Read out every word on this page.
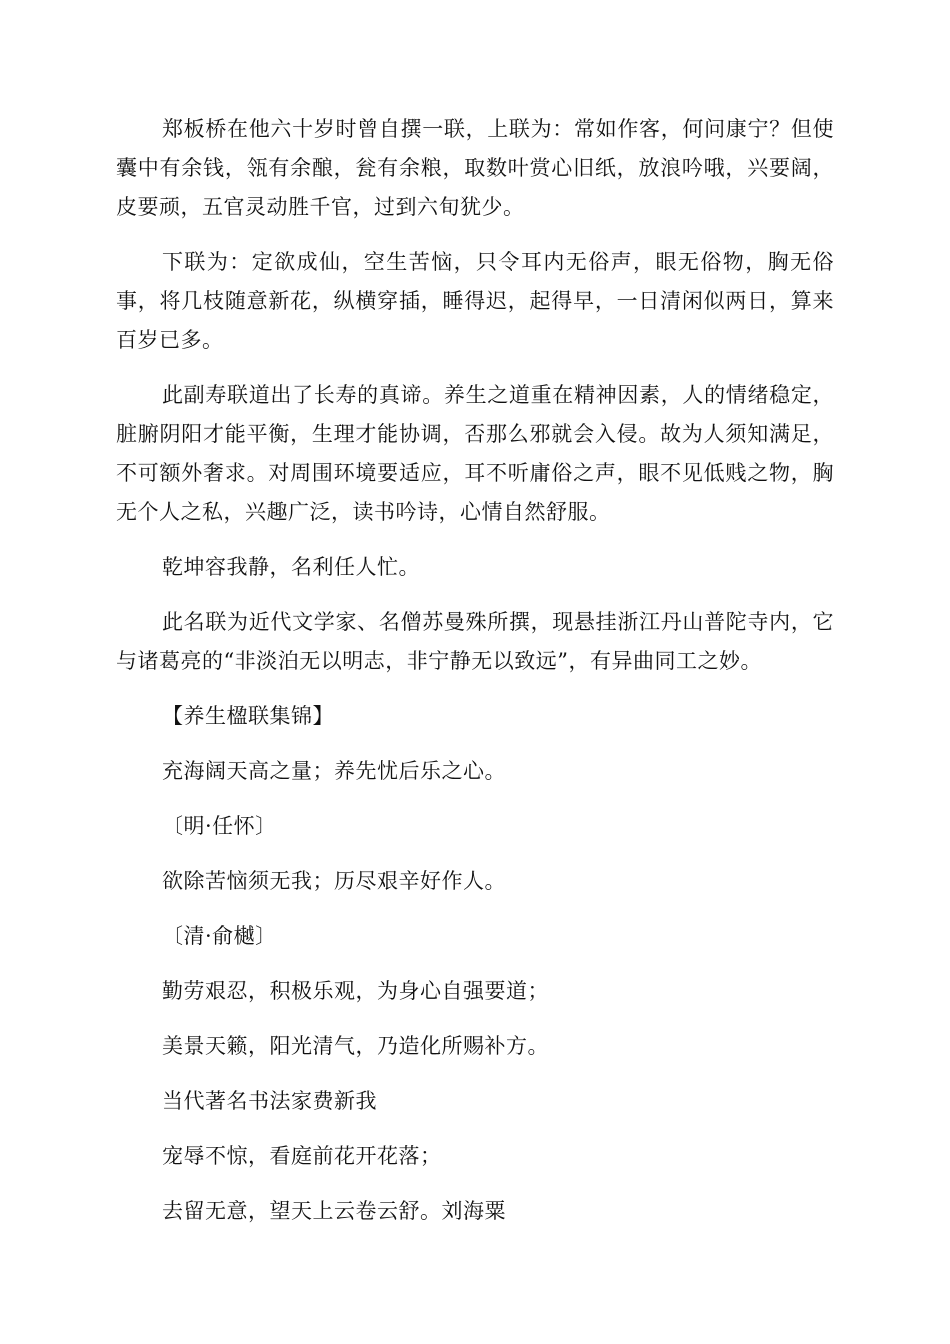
郑板桥在他六十岁时曾自撰一联，上联为：常如作客，何问康宁？但使囊中有余钱，瓴有余酿，瓮有余粮，取数叶赏心旧纸，放浪吟哦，兴要阔，皮要顽，五官灵动胜千官，过到六旬犹少。

下联为：定欲成仙，空生苦恼，只令耳内无俗声，眼无俗物，胸无俗事，将几枝随意新花，纵横穿插，睡得迟，起得早，一日清闲似两日，算来百岁已多。

此副寿联道出了长寿的真谛。养生之道重在精神因素，人的情绪稳定，脏腑阴阳才能平衡，生理才能协调，否那么邪就会入侵。故为人须知满足，不可额外奢求。对周围环境要适应，耳不听庸俗之声，眼不见低贱之物，胸无个人之私，兴趣广泛，读书吟诗，心情自然舒服。

乾坤容我静，名利任人忙。

此名联为近代文学家、名僧苏曼殊所撰，现悬挂浙江丹山普陀寺内，它与诸葛亮的“非淡泊无以明志，非宁静无以致远”，有异曲同工之妙。

【养生楹联集锦】
充海阔天高之量；养先忧后乐之心。
〔明·任怀〕
欲除苦恼须无我；历尽艰辛好作人。
〔清·俞樾〕
勤劳艰忍，积极乐观，为身心自强要道；
美景天籁，阳光清气，乃造化所赐补方。
当代著名书法家费新我
宠辱不惊，看庭前花开花落；
去留无意，望天上云卷云舒。刘海粟
